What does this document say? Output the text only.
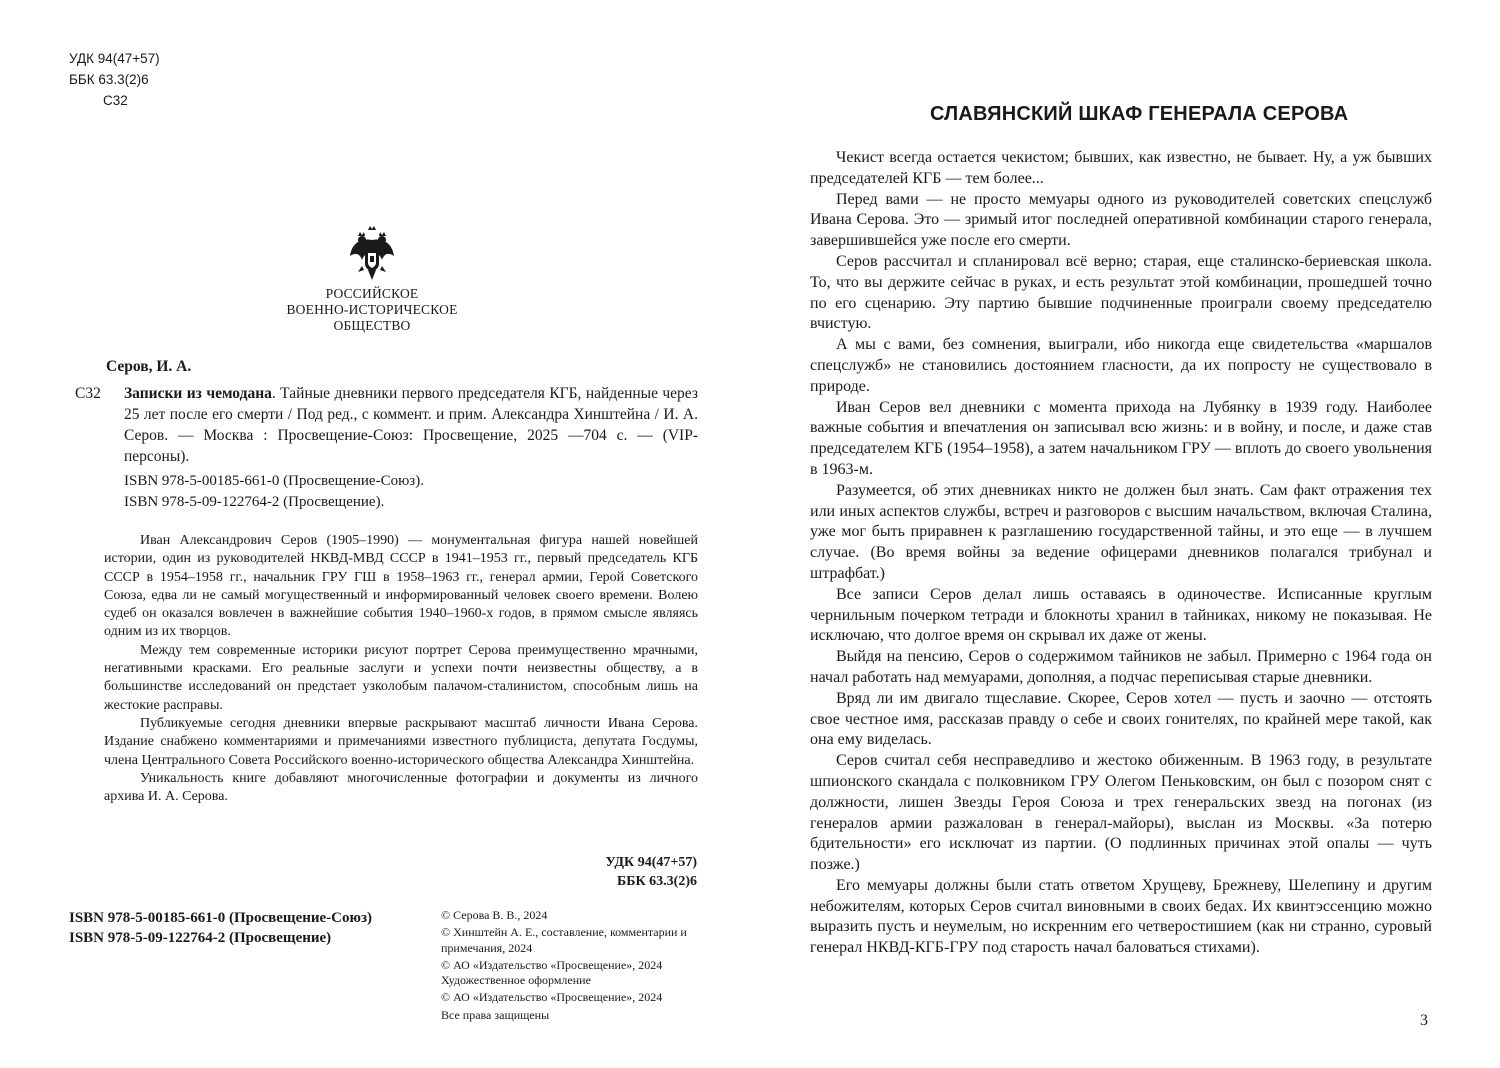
УДК 94(47+57)
ББК 63.3(2)6
С32
РОССИЙСКОЕ
ВОЕННО-ИСТОРИЧЕСКОЕ
ОБЩЕСТВО
Серов, И. А.
С32 Записки из чемодана. Тайные дневники первого председателя КГБ, найденные через 25 лет после его смерти / Под ред., с коммент. и прим. Александра Хинштейна / И. А. Серов. — Москва : Просвещение-Союз: Просвещение, 2025 —704 с. — (VIP-персоны).
ISBN 978-5-00185-661-0 (Просвещение-Союз).
ISBN 978-5-09-122764-2 (Просвещение).

Иван Александрович Серов (1905–1990) — монументальная фигура нашей новейшей истории, один из руководителей НКВД-МВД СССР в 1941–1953 гг., первый председатель КГБ СССР в 1954–1958 гг., начальник ГРУ ГШ в 1958–1963 гг., генерал армии, Герой Советского Союза, едва ли не самый могущественный и информированный человек своего времени. Волею судеб он оказался вовлечен в важнейшие события 1940–1960-х годов, в прямом смысле являясь одним из их творцов.

Между тем современные историки рисуют портрет Серова преимущественно мрачными, негативными красками. Его реальные заслуги и успехи почти неизвестны обществу, а в большинстве исследований он предстает узколобым палачом-сталинистом, способным лишь на жестокие расправы.

Публикуемые сегодня дневники впервые раскрывают масштаб личности Ивана Серова. Издание снабжено комментариями и примечаниями известного публициста, депутата Госдумы, члена Центрального Совета Российского военно-исторического общества Александра Хинштейна.

Уникальность книге добавляют многочисленные фотографии и документы из личного архива И. А. Серова.

УДК 94(47+57)
ББК 63.3(2)6
ISBN 978-5-00185-661-0 (Просвещение-Союз)
ISBN 978-5-09-122764-2 (Просвещение)

© Серова В. В., 2024

© Хинштейн А. Е., составление, комментарии и примечания, 2024

© АО «Издательство «Просвещение», 2024 Художественное оформление

© АО «Издательство «Просвещение», 2024

Все права защищены

СЛАВЯНСКИЙ ШКАФ ГЕНЕРАЛА СЕРОВА

Чекист всегда остается чекистом; бывших, как известно, не бывает. Ну, а уж бывших председателей КГБ — тем более...

Перед вами — не просто мемуары одного из руководителей советских спецслужб Ивана Серова. Это — зримый итог последней оперативной комбинации старого генерала, завершившейся уже после его смерти.

Серов рассчитал и спланировал всё верно; старая, еще сталинско-бериевская школа. То, что вы держите сейчас в руках, и есть результат этой комбинации, прошедшей точно по его сценарию. Эту партию бывшие подчиненные проиграли своему председателю вчистую.

А мы с вами, без сомнения, выиграли, ибо никогда еще свидетельства «маршалов спецслужб» не становились достоянием гласности, да их попросту не существовало в природе.

Иван Серов вел дневники с момента прихода на Лубянку в 1939 году. Наиболее важные события и впечатления он записывал всю жизнь: и в войну, и после, и даже став председателем КГБ (1954–1958), а затем начальником ГРУ — вплоть до своего увольнения в 1963-м.

Разумеется, об этих дневниках никто не должен был знать. Сам факт отражения тех или иных аспектов службы, встреч и разговоров с высшим начальством, включая Сталина, уже мог быть приравнен к разглашению государственной тайны, и это еще — в лучшем случае. (Во время войны за ведение офицерами дневников полагался трибунал и штрафбат.)

Все записи Серов делал лишь оставаясь в одиночестве. Исписанные круглым чернильным почерком тетради и блокноты хранил в тайниках, никому не показывая. Не исключаю, что долгое время он скрывал их даже от жены.

Выйдя на пенсию, Серов о содержимом тайников не забыл. Примерно с 1964 года он начал работать над мемуарами, дополняя, а подчас переписывая старые дневники.

Вряд ли им двигало тщеславие. Скорее, Серов хотел — пусть и заочно — отстоять свое честное имя, рассказав правду о себе и своих гонителях, по крайней мере такой, как она ему виделась.

Серов считал себя несправедливо и жестоко обиженным. В 1963 году, в результате шпионского скандала с полковником ГРУ Олегом Пеньковским, он был с позором снят с должности, лишен Звезды Героя Союза и трех генеральских звезд на погонах (из генералов армии разжалован в генерал-майоры), выслан из Москвы. «За потерю бдительности» его исключат из партии. (О подлинных причинах этой опалы — чуть позже.)

Его мемуары должны были стать ответом Хрущеву, Брежневу, Шелепину и другим небожителям, которых Серов считал виновными в своих бедах. Их квинтэссенцию можно выразить пусть и неумелым, но искренним его четверостишием (как ни странно, суровый генерал НКВД-КГБ-ГРУ под старость начал баловаться стихами).

3
